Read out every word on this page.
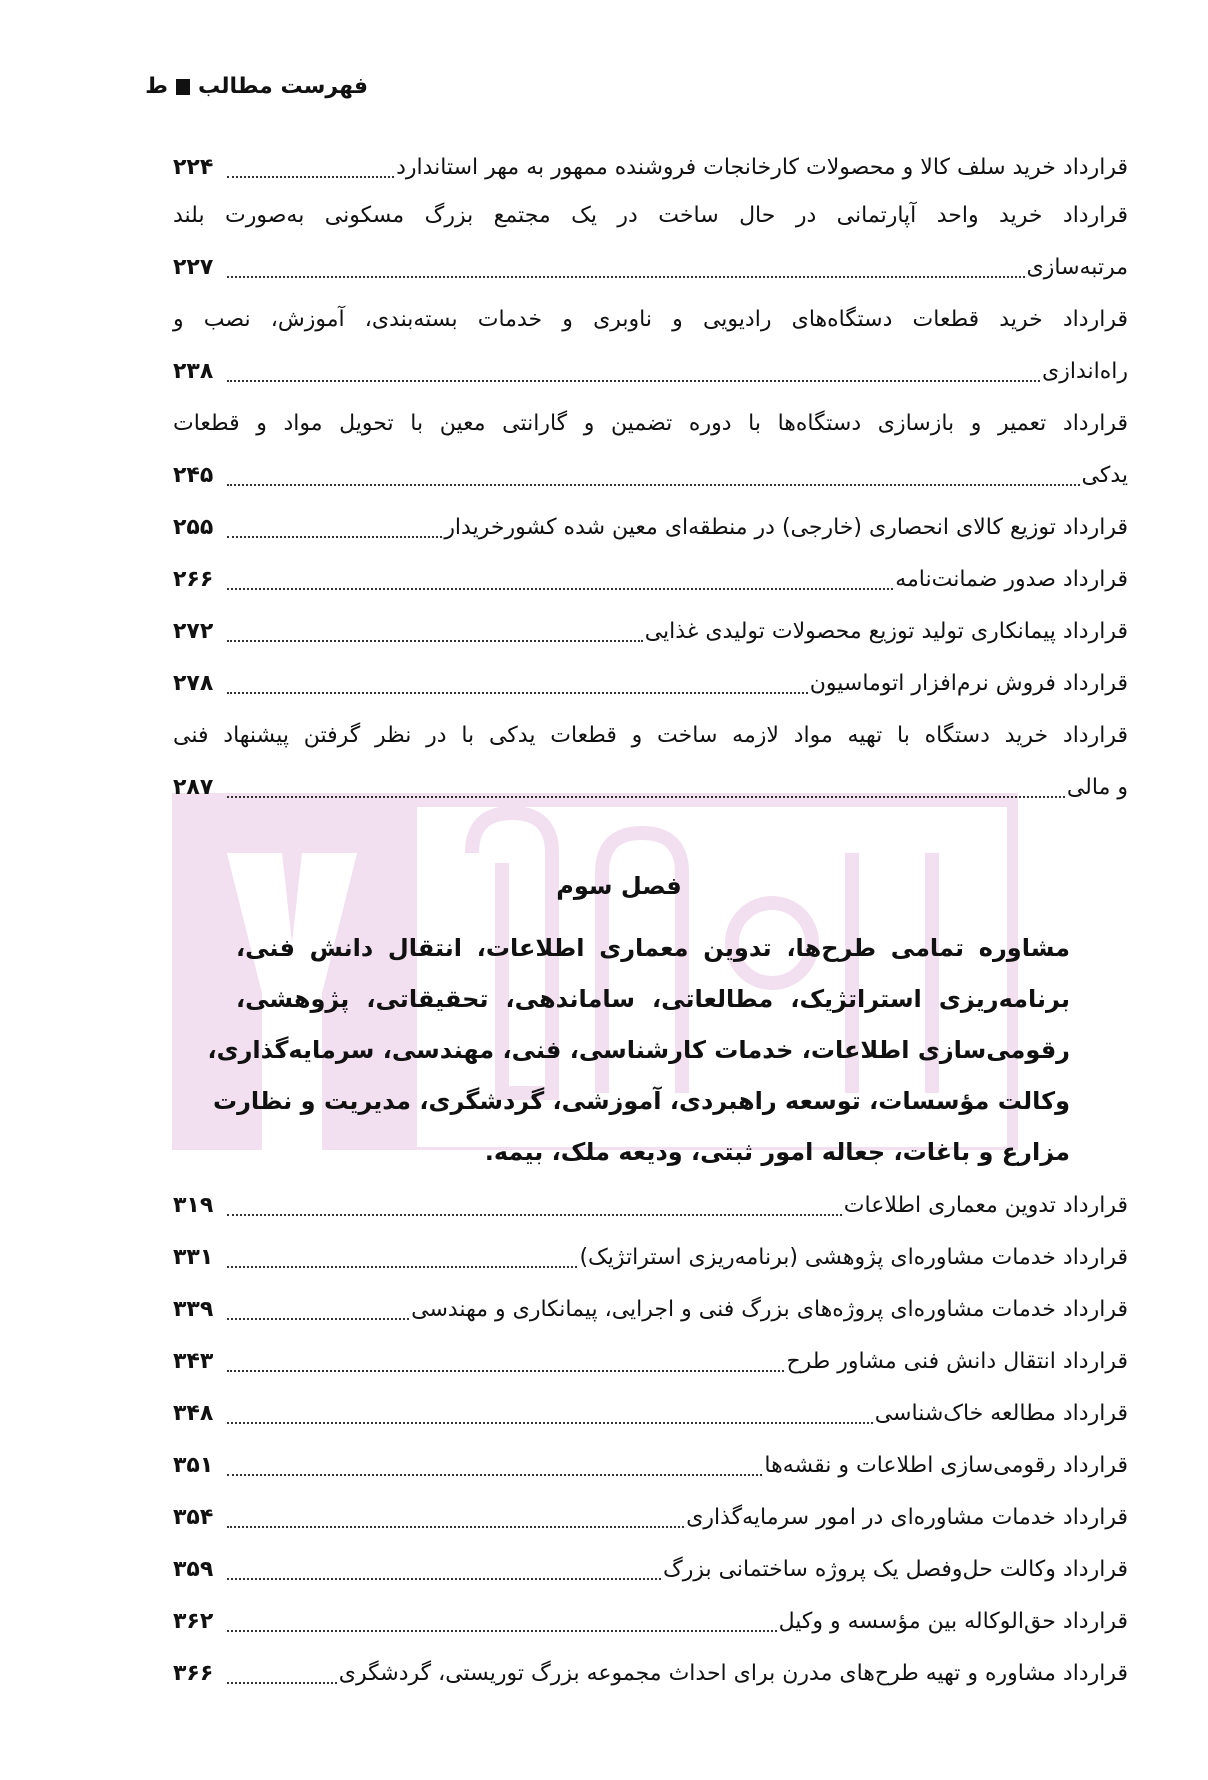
فهرست مطالب
ط
قرارداد خرید سلف کالا و محصولات کارخانجات فروشنده ممهور به مهر استاندارد
۲۲۴
قرارداد خرید واحد آپارتمانی در حال ساخت در یک مجتمع بزرگ مسکونی به‌صورت بلند
مرتبه‌سازی
۲۲۷
قرارداد خرید قطعات دستگاه‌های رادیویی و ناوبری و خدمات بسته‌بندی، آموزش، نصب و
راه‌اندازی
۲۳۸
قرارداد تعمیر و بازسازی دستگاه‌ها با دوره تضمین و گارانتی معین با تحویل مواد و قطعات
یدکی
۲۴۵
قرارداد توزیع کالای انحصاری (خارجی) در منطقه‌ای معین شده کشورخریدار
۲۵۵
قرارداد صدور ضمانت‌نامه
۲۶۶
قرارداد پیمانکاری تولید توزیع محصولات تولیدی غذایی
۲۷۲
قرارداد فروش نرم‌افزار اتوماسیون
۲۷۸
قرارداد خرید دستگاه با تهیه مواد لازمه ساخت و قطعات یدکی با در نظر گرفتن پیشنهاد فنی
و مالی
۲۸۷
فصل سوم
مشاوره تمامی طرح‌ها، تدوین معماری اطلاعات، انتقال دانش فنی،
برنامه‌ریزی استراتژیک، مطالعاتی، ساماندهی، تحقیقاتی، پژوهشی،
رقومی‌سازی اطلاعات، خدمات کارشناسی، فنی، مهندسی، سرمایه‌گذاری،
وکالت مؤسسات، توسعه راهبردی، آموزشی، گردشگری، مدیریت و نظارت
مزارع و باغات، جعاله امور ثبتی، ودیعه ملک، بیمه.
قرارداد تدوین معماری اطلاعات
۳۱۹
قرارداد خدمات مشاوره‌ای پژوهشی (برنامه‌ریزی استراتژیک)
۳۳۱
قرارداد خدمات مشاوره‌ای پروژه‌های بزرگ فنی و اجرایی، پیمانکاری و مهندسی
۳۳۹
قرارداد انتقال دانش فنی مشاور طرح
۳۴۳
قرارداد مطالعه خاک‌شناسی
۳۴۸
قرارداد رقومی‌سازی اطلاعات و نقشه‌ها
۳۵۱
قرارداد خدمات مشاوره‌ای در امور سرمایه‌گذاری
۳۵۴
قرارداد وکالت حل‌وفصل یک پروژه ساختمانی بزرگ
۳۵۹
قرارداد حق‌الوکاله بین مؤسسه و وکیل
۳۶۲
قرارداد مشاوره و تهیه طرح‌های مدرن برای احداث مجموعه بزرگ توریستی، گردشگری
۳۶۶
